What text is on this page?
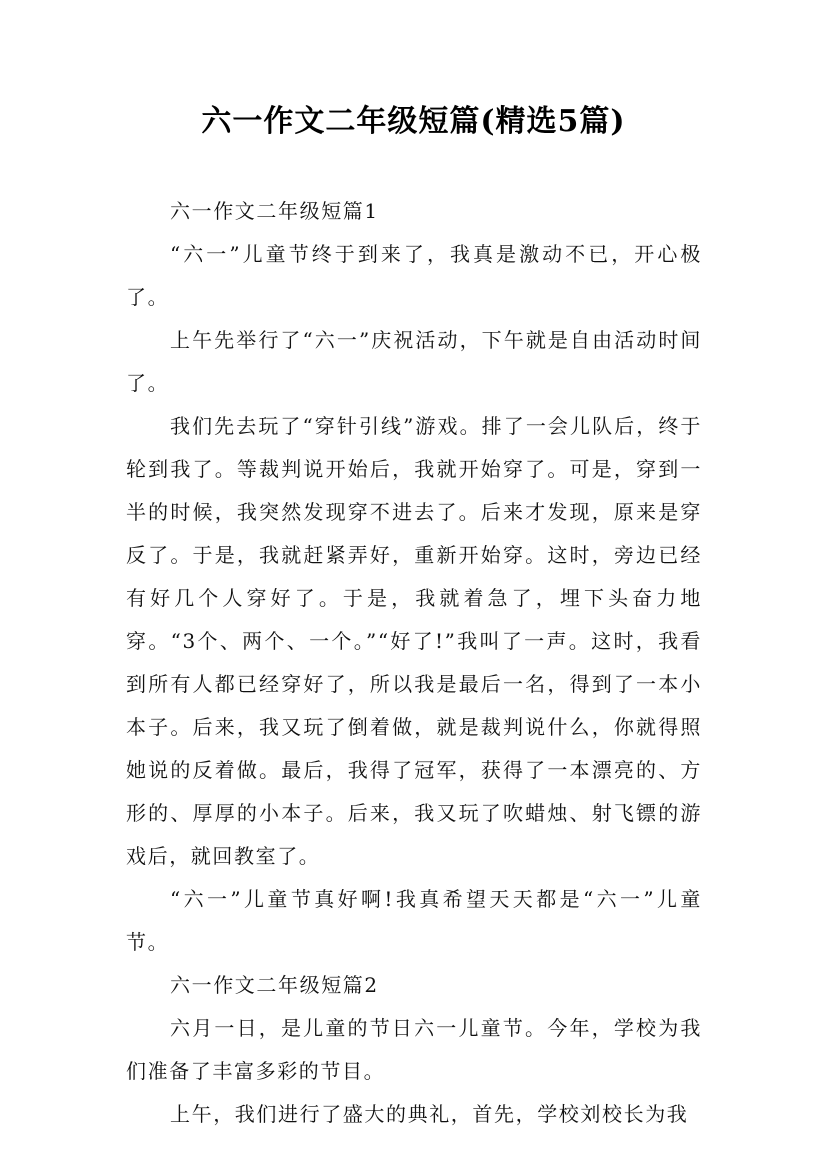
六一作文二年级短篇(精选5篇)

六一作文二年级短篇1

“六一”儿童节终于到来了，我真是激动不已，开心极了。

上午先举行了“六一”庆祝活动，下午就是自由活动时间了。

我们先去玩了“穿针引线”游戏。排了一会儿队后，终于轮到我了。等裁判说开始后，我就开始穿了。可是，穿到一半的时候，我突然发现穿不进去了。后来才发现，原来是穿反了。于是，我就赶紧弄好，重新开始穿。这时，旁边已经有好几个人穿好了。于是，我就着急了，埋下头奋力地穿。“3个、两个、一个。”“好了!”我叫了一声。这时，我看到所有人都已经穿好了，所以我是最后一名，得到了一本小本子。后来，我又玩了倒着做，就是裁判说什么，你就得照她说的反着做。最后，我得了冠军，获得了一本漂亮的、方形的、厚厚的小本子。后来，我又玩了吹蜡烛、射飞镖的游戏后，就回教室了。

“六一”儿童节真好啊!我真希望天天都是“六一”儿童节。

六一作文二年级短篇2

六月一日，是儿童的节日六一儿童节。今年，学校为我们准备了丰富多彩的节目。

上午，我们进行了盛大的典礼，首先，学校刘校长为我
